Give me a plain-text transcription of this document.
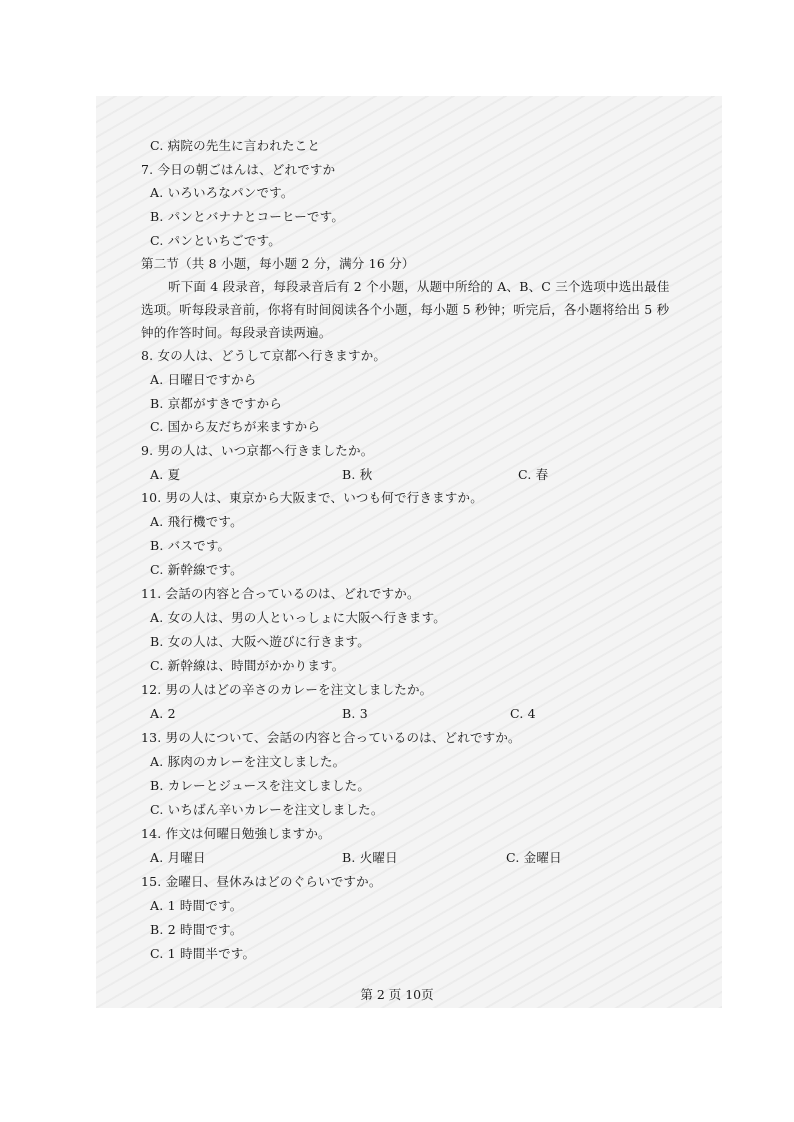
C. 病院の先生に言われたこと
7. 今日の朝ごはんは、どれですか
A. いろいろなパンです。
B. パンとバナナとコーヒーです。
C. パンといちごです。
第二节（共 8 小题，每小题 2 分，满分 16 分）
听下面 4 段录音，每段录音后有 2 个小题，从题中所给的 A、B、C 三个选项中选出最佳
选项。听每段录音前，你将有时间阅读各个小题，每小题 5 秒钟；听完后，各小题将给出 5 秒
钟的作答时间。每段录音读两遍。
8. 女の人は、どうして京都へ行きますか。
A. 日曜日ですから
B. 京都がすきですから
C. 国から友だちが来ますから
9. 男の人は、いつ京都へ行きましたか。
A. 夏	B. 秋	C. 春
10. 男の人は、東京から大阪まで、いつも何で行きますか。
A. 飛行機です。
B. バスです。
C. 新幹線です。
11. 会話の内容と合っているのは、どれですか。
A. 女の人は、男の人といっしょに大阪へ行きます。
B. 女の人は、大阪へ遊びに行きます。
C. 新幹線は、時間がかかります。
12. 男の人はどの辛さのカレーを注文しましたか。
A. 2	B. 3	C. 4
13. 男の人について、会話の内容と合っているのは、どれですか。
A. 豚肉のカレーを注文しました。
B. カレーとジュースを注文しました。
C. いちばん辛いカレーを注文しました。
14. 作文は何曜日勉強しますか。
A. 月曜日	B. 火曜日	C. 金曜日
15. 金曜日、昼休みはどのぐらいですか。
A. 1 時間です。
B. 2 時間です。
C. 1 時間半です。
第 2 页 10页
